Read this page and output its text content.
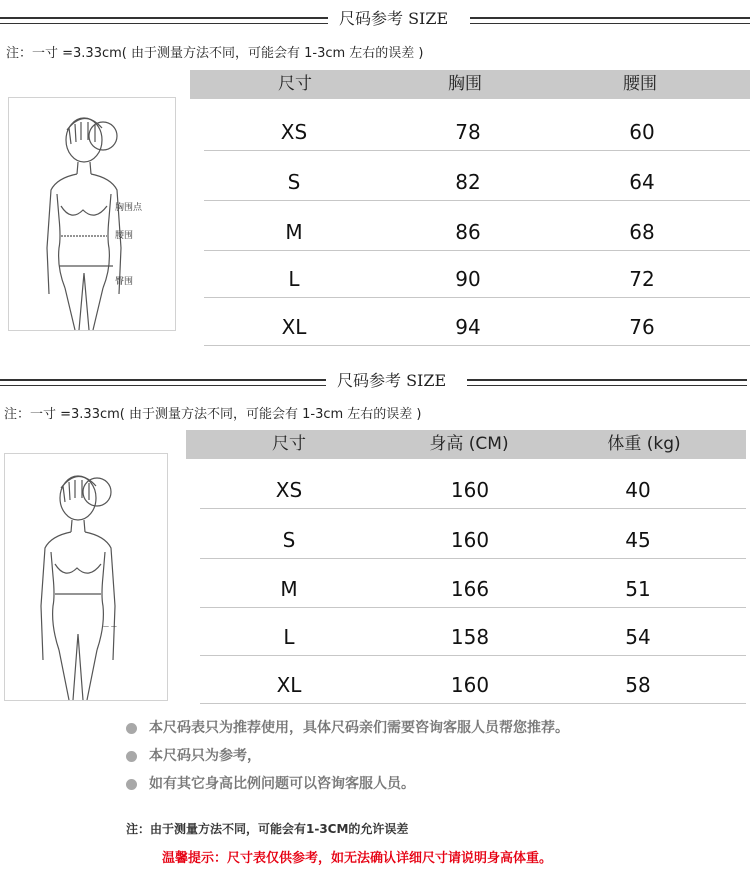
尺码参考 SIZE
注：一寸 =3.33cm( 由于测量方法不同，可能会有 1-3cm 左右的误差 )
胸围点
腰围
臀围
尺寸	胸围	腰围
XS	78	60
S	82	64
M	86	68
L	90	72
XL	94	76
尺码参考 SIZE
注：一寸 =3.33cm( 由于测量方法不同，可能会有 1-3cm 左右的误差 )
— —
尺寸	身高 (CM)	体重 (kg)
XS	160	40
S	160	45
M	166	51
L	158	54
XL	160	58
本尺码表只为推荐使用，具体尺码亲们需要咨询客服人员帮您推荐。
本尺码只为参考，
如有其它身高比例问题可以咨询客服人员。
注：由于测量方法不同，可能会有1-3CM的允许误差
温馨提示：尺寸表仅供参考，如无法确认详细尺寸请说明身高体重。
